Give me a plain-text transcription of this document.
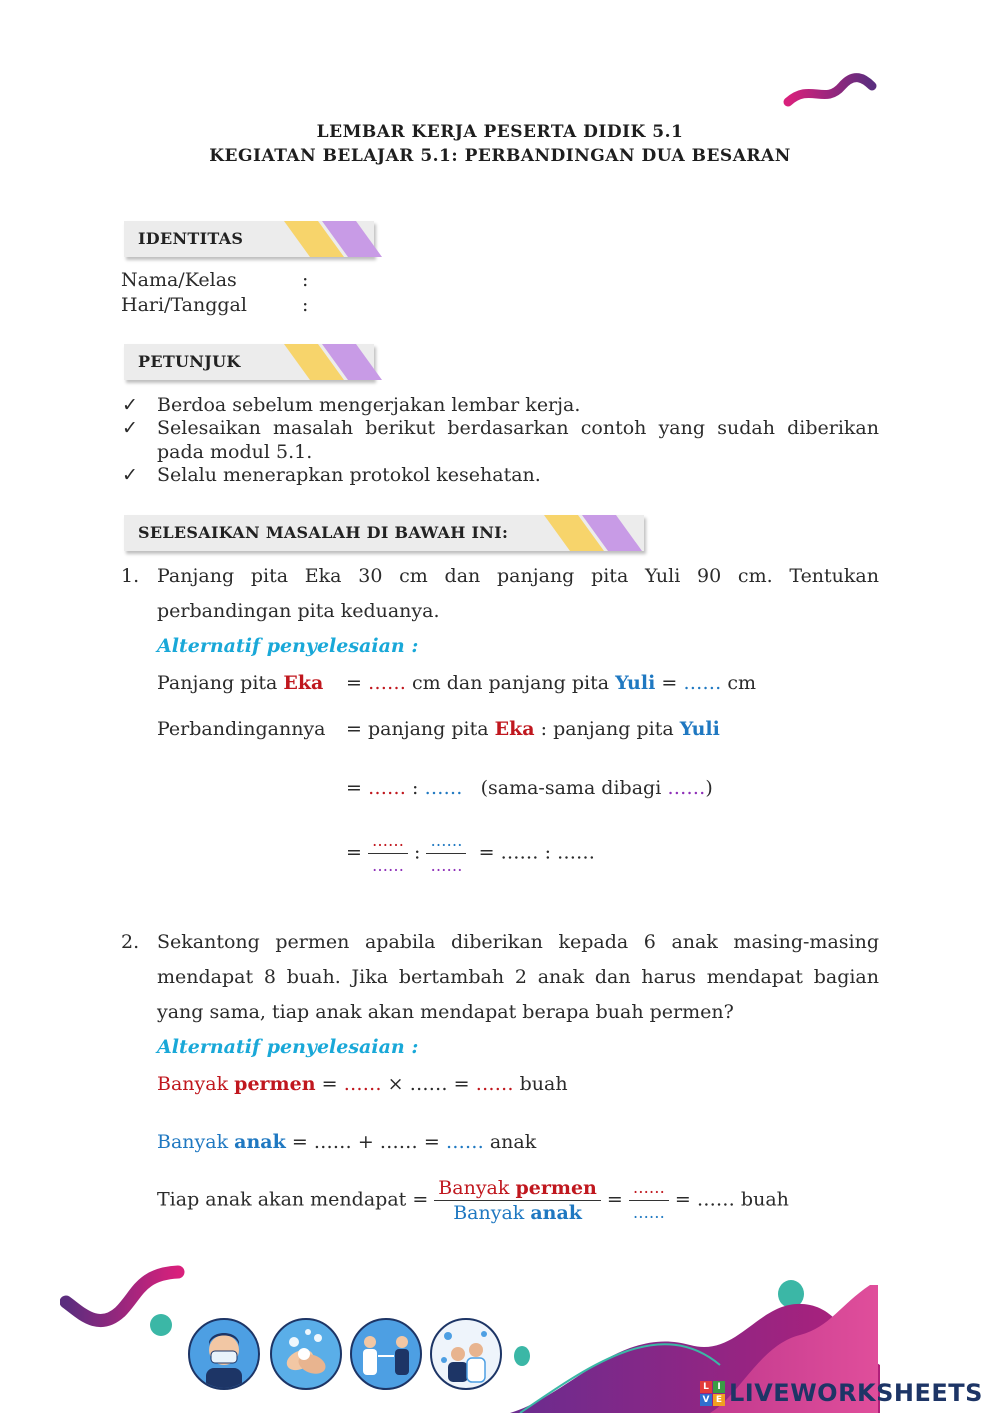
LEMBAR KERJA PESERTA DIDIK 5.1
KEGIATAN BELAJAR 5.1: PERBANDINGAN DUA BESARAN
IDENTITAS
Nama/Kelas	:
Hari/Tanggal	:
PETUNJUK
✓ Berdoa sebelum mengerjakan lembar kerja.
✓ Selesaikan masalah berikut berdasarkan contoh yang sudah diberikan
pada modul 5.1.
✓ Selalu menerapkan protokol kesehatan.
SELESAIKAN MASALAH DI BAWAH INI:
1. Panjang pita Eka 30 cm dan panjang pita Yuli 90 cm. Tentukan
perbandingan pita keduanya.
Alternatif penyelesaian :
Panjang pita Eka = …… cm dan panjang pita Yuli = …… cm
Perbandingannya = panjang pita Eka : panjang pita Yuli
= …… : …… (sama-sama dibagi ……)
= $\frac{\dots\dots}{\dots\dots}$ : $\frac{\dots\dots}{\dots\dots}$ = …… : ……
2. Sekantong permen apabila diberikan kepada 6 anak masing-masing
mendapat 8 buah. Jika bertambah 2 anak dan harus mendapat bagian
yang sama, tiap anak akan mendapat berapa buah permen?
Alternatif penyelesaian :
Banyak permen = …… × …… = …… buah
Banyak anak = …… + …… = …… anak
Tiap anak akan mendapat = $\frac{\text{Banyak permen}}{\text{Banyak anak}} = \frac{\dots\dots}{\dots\dots}$ = …… buah
L I
V E LIVEWORKSHEETS
